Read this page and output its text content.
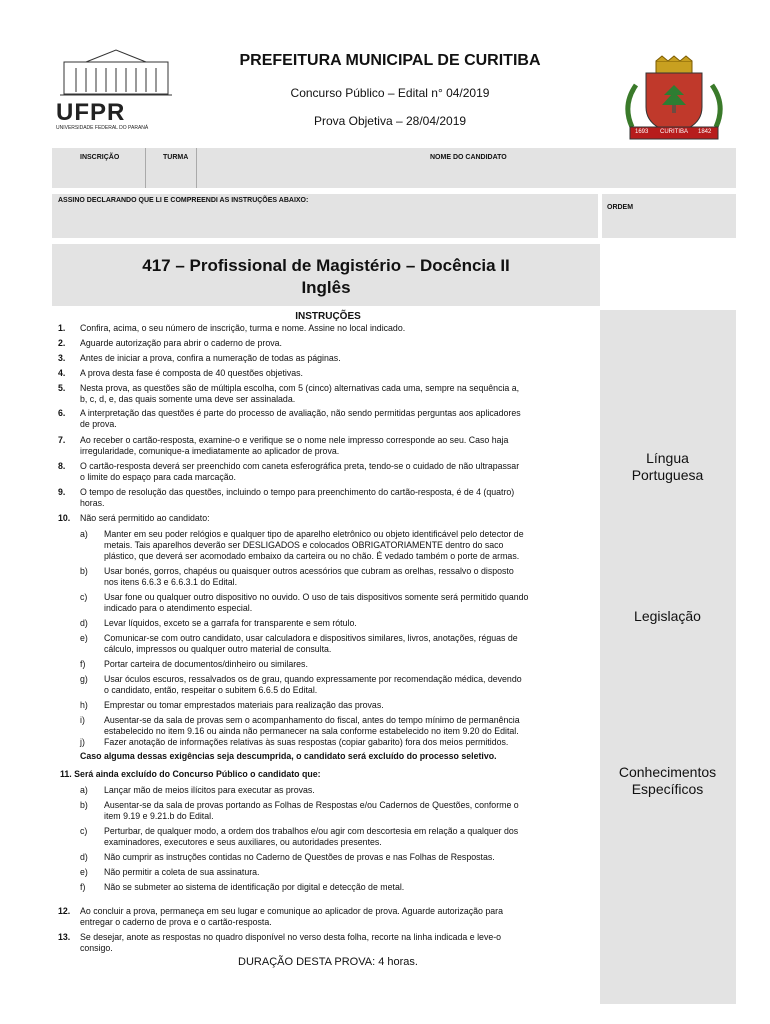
UFPR
UNIVERSIDADE FEDERAL DO PARANÁ
PREFEITURA MUNICIPAL DE CURITIBA
Concurso Público – Edital n° 04/2019
Prova Objetiva – 28/04/2019
1693	CURITIBA	1842
INSCRIÇÃO	TURMA	NOME DO CANDIDATO
ASSINO DECLARANDO QUE LI E COMPREENDI AS INSTRUÇÕES ABAIXO:
ORDEM
417 – Profissional de Magistério – Docência II
Inglês
Língua
Portuguesa
Legislação
Conhecimentos
Específicos
INSTRUÇÕES
1. Confira, acima, o seu número de inscrição, turma e nome. Assine no local indicado.
2. Aguarde autorização para abrir o caderno de prova.
3. Antes de iniciar a prova, confira a numeração de todas as páginas.
4. A prova desta fase é composta de 40 questões objetivas.
5. Nesta prova, as questões são de múltipla escolha, com 5 (cinco) alternativas cada uma, sempre na sequência a,
b, c, d, e, das quais somente uma deve ser assinalada.
6. A interpretação das questões é parte do processo de avaliação, não sendo permitidas perguntas aos aplicadores
de prova.
7. Ao receber o cartão-resposta, examine-o e verifique se o nome nele impresso corresponde ao seu. Caso haja
irregularidade, comunique-a imediatamente ao aplicador de prova.
8. O cartão-resposta deverá ser preenchido com caneta esferográfica preta, tendo-se o cuidado de não ultrapassar
o limite do espaço para cada marcação.
9. O tempo de resolução das questões, incluindo o tempo para preenchimento do cartão-resposta, é de 4 (quatro)
horas.
10. Não será permitido ao candidato:
a) Manter em seu poder relógios e qualquer tipo de aparelho eletrônico ou objeto identificável pelo detector de
metais. Tais aparelhos deverão ser DESLIGADOS e colocados OBRIGATORIAMENTE dentro do saco
plástico, que deverá ser acomodado embaixo da carteira ou no chão. É vedado também o porte de armas.
b) Usar bonés, gorros, chapéus ou quaisquer outros acessórios que cubram as orelhas, ressalvo o disposto
nos itens 6.6.3 e 6.6.3.1 do Edital.
c) Usar fone ou qualquer outro dispositivo no ouvido. O uso de tais dispositivos somente será permitido quando
indicado para o atendimento especial.
d) Levar líquidos, exceto se a garrafa for transparente e sem rótulo.
e) Comunicar-se com outro candidato, usar calculadora e dispositivos similares, livros, anotações, réguas de
cálculo, impressos ou qualquer outro material de consulta.
f) Portar carteira de documentos/dinheiro ou similares.
g) Usar óculos escuros, ressalvados os de grau, quando expressamente por recomendação médica, devendo
o candidato, então, respeitar o subitem 6.6.5 do Edital.
h) Emprestar ou tomar emprestados materiais para realização das provas.
i) Ausentar-se da sala de provas sem o acompanhamento do fiscal, antes do tempo mínimo de permanência
estabelecido no item 9.16 ou ainda não permanecer na sala conforme estabelecido no item 9.20 do Edital.
j) Fazer anotação de informações relativas às suas respostas (copiar gabarito) fora dos meios permitidos.
Caso alguma dessas exigências seja descumprida, o candidato será excluído do processo seletivo.
11. Será ainda excluído do Concurso Público o candidato que:
a) Lançar mão de meios ilícitos para executar as provas.
b) Ausentar-se da sala de provas portando as Folhas de Respostas e/ou Cadernos de Questões, conforme o
item 9.19 e 9.21.b do Edital.
c) Perturbar, de qualquer modo, a ordem dos trabalhos e/ou agir com descortesia em relação a qualquer dos
examinadores, executores e seus auxiliares, ou autoridades presentes.
d) Não cumprir as instruções contidas no Caderno de Questões de provas e nas Folhas de Respostas.
e) Não permitir a coleta de sua assinatura.
f) Não se submeter ao sistema de identificação por digital e detecção de metal.
12. Ao concluir a prova, permaneça em seu lugar e comunique ao aplicador de prova. Aguarde autorização para
entregar o caderno de prova e o cartão-resposta.
13. Se desejar, anote as respostas no quadro disponível no verso desta folha, recorte na linha indicada e leve-o
consigo.
DURAÇÃO DESTA PROVA: 4 horas.
